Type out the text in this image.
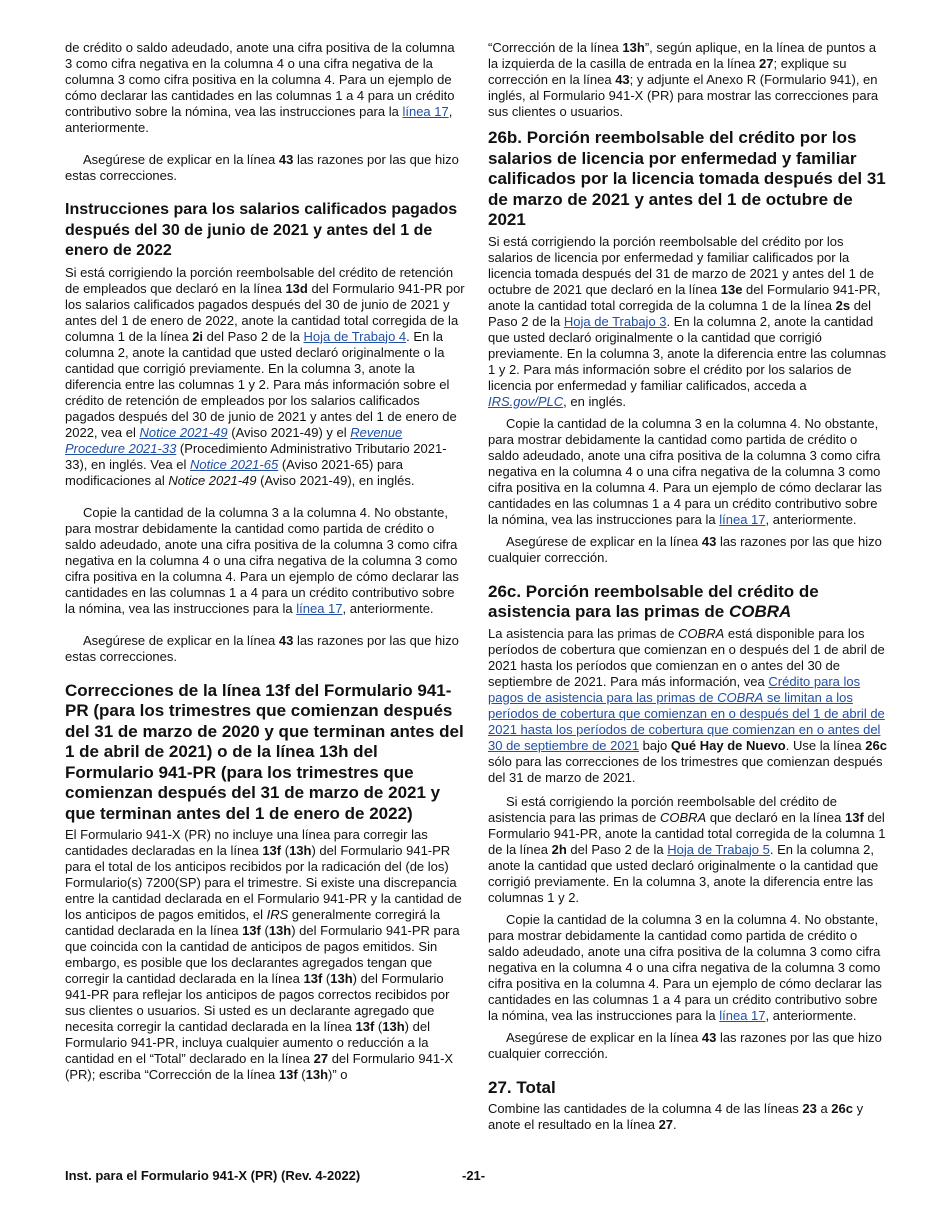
de crédito o saldo adeudado, anote una cifra positiva de la columna 3 como cifra negativa en la columna 4 o una cifra negativa de la columna 3 como cifra positiva en la columna 4. Para un ejemplo de cómo declarar las cantidades en las columnas 1 a 4 para un crédito contributivo sobre la nómina, vea las instrucciones para la línea 17, anteriormente.

Asegúrese de explicar en la línea 43 las razones por las que hizo estas correcciones.

Instrucciones para los salarios calificados pagados después del 30 de junio de 2021 y antes del 1 de enero de 2022

Si está corrigiendo la porción reembolsable del crédito de retención de empleados que declaró en la línea 13d del Formulario 941-PR por los salarios calificados pagados después del 30 de junio de 2021 y antes del 1 de enero de 2022, anote la cantidad total corregida de la columna 1 de la línea 2i del Paso 2 de la Hoja de Trabajo 4. En la columna 2, anote la cantidad que usted declaró originalmente o la cantidad que corrigió previamente. En la columna 3, anote la diferencia entre las columnas 1 y 2. Para más información sobre el crédito de retención de empleados por los salarios calificados pagados después del 30 de junio de 2021 y antes del 1 de enero de 2022, vea el Notice 2021-49 (Aviso 2021-49) y el Revenue Procedure 2021-33 (Procedimiento Administrativo Tributario 2021-33), en inglés. Vea el Notice 2021-65 (Aviso 2021-65) para modificaciones al Notice 2021-49 (Aviso 2021-49), en inglés.

Copie la cantidad de la columna 3 a la columna 4. No obstante, para mostrar debidamente la cantidad como partida de crédito o saldo adeudado, anote una cifra positiva de la columna 3 como cifra negativa en la columna 4 o una cifra negativa de la columna 3 como cifra positiva en la columna 4. Para un ejemplo de cómo declarar las cantidades en las columnas 1 a 4 para un crédito contributivo sobre la nómina, vea las instrucciones para la línea 17, anteriormente.

Asegúrese de explicar en la línea 43 las razones por las que hizo estas correcciones.

Correcciones de la línea 13f del Formulario 941-PR (para los trimestres que comienzan después del 31 de marzo de 2020 y que terminan antes del 1 de abril de 2021) o de la línea 13h del Formulario 941-PR (para los trimestres que comienzan después del 31 de marzo de 2021 y que terminan antes del 1 de enero de 2022)

El Formulario 941-X (PR) no incluye una línea para corregir las cantidades declaradas en la línea 13f (13h) del Formulario 941-PR para el total de los anticipos recibidos por la radicación del (de los) Formulario(s) 7200(SP) para el trimestre. Si existe una discrepancia entre la cantidad declarada en el Formulario 941-PR y la cantidad de los anticipos de pagos emitidos, el IRS generalmente corregirá la cantidad declarada en la línea 13f (13h) del Formulario 941-PR para que coincida con la cantidad de anticipos de pagos emitidos. Sin embargo, es posible que los declarantes agregados tengan que corregir la cantidad declarada en la línea 13f (13h) del Formulario 941-PR para reflejar los anticipos de pagos correctos recibidos por sus clientes o usuarios. Si usted es un declarante agregado que necesita corregir la cantidad declarada en la línea 13f (13h) del Formulario 941-PR, incluya cualquier aumento o reducción a la cantidad en el “Total” declarado en la línea 27 del Formulario 941-X (PR); escriba “Corrección de la línea 13f (13h)” o

“Corrección de la línea 13h”, según aplique, en la línea de puntos a la izquierda de la casilla de entrada en la línea 27; explique su corrección en la línea 43; y adjunte el Anexo R (Formulario 941), en inglés, al Formulario 941-X (PR) para mostrar las correcciones para sus clientes o usuarios.

26b. Porción reembolsable del crédito por los salarios de licencia por enfermedad y familiar calificados por la licencia tomada después del 31 de marzo de 2021 y antes del 1 de octubre de 2021

Si está corrigiendo la porción reembolsable del crédito por los salarios de licencia por enfermedad y familiar calificados por la licencia tomada después del 31 de marzo de 2021 y antes del 1 de octubre de 2021 que declaró en la línea 13e del Formulario 941-PR, anote la cantidad total corregida de la columna 1 de la línea 2s del Paso 2 de la Hoja de Trabajo 3. En la columna 2, anote la cantidad que usted declaró originalmente o la cantidad que corrigió previamente. En la columna 3, anote la diferencia entre las columnas 1 y 2. Para más información sobre el crédito por los salarios de licencia por enfermedad y familiar calificados, acceda a IRS.gov/PLC, en inglés.

Copie la cantidad de la columna 3 en la columna 4. No obstante, para mostrar debidamente la cantidad como partida de crédito o saldo adeudado, anote una cifra positiva de la columna 3 como cifra negativa en la columna 4 o una cifra negativa de la columna 3 como cifra positiva en la columna 4. Para un ejemplo de cómo declarar las cantidades en las columnas 1 a 4 para un crédito contributivo sobre la nómina, vea las instrucciones para la línea 17, anteriormente.

Asegúrese de explicar en la línea 43 las razones por las que hizo cualquier corrección.

26c. Porción reembolsable del crédito de asistencia para las primas de COBRA

La asistencia para las primas de COBRA está disponible para los períodos de cobertura que comienzan en o después del 1 de abril de 2021 hasta los períodos que comienzan en o antes del 30 de septiembre de 2021. Para más información, vea Crédito para los pagos de asistencia para las primas de COBRA se limitan a los períodos de cobertura que comienzan en o después del 1 de abril de 2021 hasta los períodos de cobertura que comienzan en o antes del 30 de septiembre de 2021 bajo Qué Hay de Nuevo. Use la línea 26c sólo para las correcciones de los trimestres que comienzan después del 31 de marzo de 2021.

Si está corrigiendo la porción reembolsable del crédito de asistencia para las primas de COBRA que declaró en la línea 13f del Formulario 941-PR, anote la cantidad total corregida de la columna 1 de la línea 2h del Paso 2 de la Hoja de Trabajo 5. En la columna 2, anote la cantidad que usted declaró originalmente o la cantidad que corrigió previamente. En la columna 3, anote la diferencia entre las columnas 1 y 2.

Copie la cantidad de la columna 3 en la columna 4. No obstante, para mostrar debidamente la cantidad como partida de crédito o saldo adeudado, anote una cifra positiva de la columna 3 como cifra negativa en la columna 4 o una cifra negativa de la columna 3 como cifra positiva en la columna 4. Para un ejemplo de cómo declarar las cantidades en las columnas 1 a 4 para un crédito contributivo sobre la nómina, vea las instrucciones para la línea 17, anteriormente.

Asegúrese de explicar en la línea 43 las razones por las que hizo cualquier corrección.

27. Total

Combine las cantidades de la columna 4 de las líneas 23 a 26c y anote el resultado en la línea 27.

Inst. para el Formulario 941-X (PR) (Rev. 4-2022)	-21-
